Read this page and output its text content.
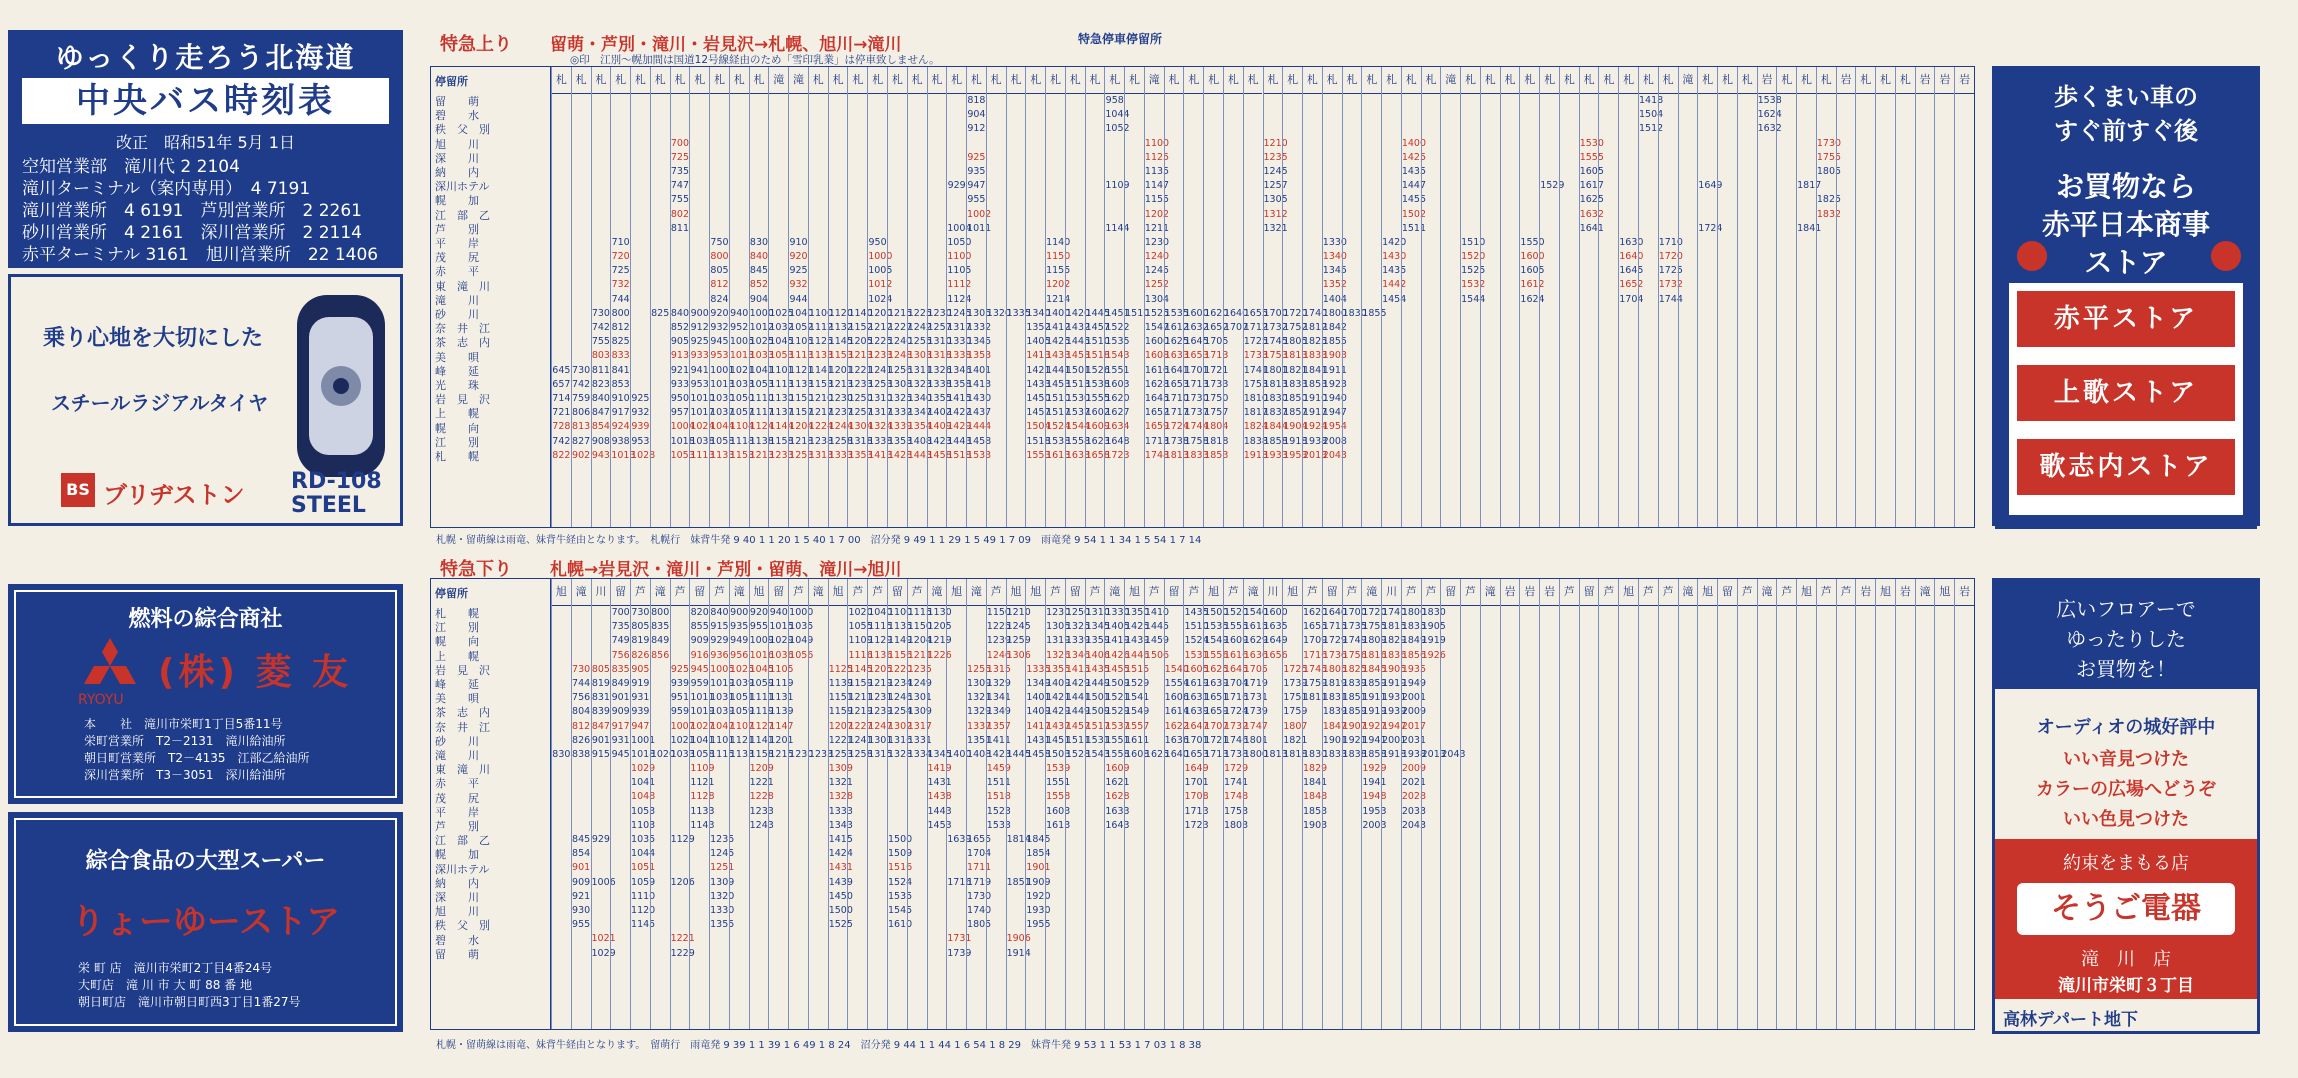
ゆっくり走ろう北海道
中央バス時刻表
改正　昭和51年 5月 1日
空知営業部　滝川代 2 2104
滝川ターミナル（案内専用）　4 7191
滝川営業所　4 6191　芦別営業所　2 2261
砂川営業所　4 2161　深川営業所　2 2114
赤平ターミナル 3161　旭川営業所　22 1406
乗り心地を大切にした
スチールラジアルタイヤ
BS ブリヂストン RD-108
STEEL
燃料の綜合商社
(株) 菱 友
RYOYU
本　　社　滝川市栄町1丁目5番11号
栄町営業所　T2－2131　滝川給油所
朝日町営業所　T2－4135　江部乙給油所
深川営業所　T3－3051　深川給油所
綜合食品の大型スーパー
りょーゆーストア
栄 町 店　滝川市栄町2丁目4番24号
大町店　滝 川 市 大 町 88 番 地
朝日町店　滝川市朝日町西3丁目1番27号
特急上り 留萌・芦別・滝川・岩見沢→札幌、旭川→滝川
◎印　江別～幌加間は国道12号線経由のため「雪印乳業」は停車致しません。
特急停車停留所
停留所
留　　萌
碧　　水
秩　父　別
旭　　川
深　　川
納　　内
深川ホテル
幌　　加
江　部　乙
芦　　別
平　　岸
茂　　尻
赤　　平
東　滝　川
滝　　川
砂　　川
奈　井　江
茶　志　内
美　　唄
峰　　延
光　　珠
岩　見　沢
上　　幌
幌　　向
江　　別
札　　幌
札
645
657
714
721
728
742
822
札
730
742
759
806
813
827
902
札
730
742
755
803
811
823
840
847
854
908
943
札
710
720
725
732
744
800
812
825
833
841
853
910
917
924
938
1013
札
925
932
939
953
1028
札
825
札
700
725
735
747
755
802
811
840
852
905
913
921
933
950
957
1004
1018
1053
札
900
912
925
933
941
953
1010
1017
1024
1038
1113
札
750
800
805
812
824
920
932
945
953
1001
1013
1030
1037
1044
1058
1133
札
940
952
1005
1013
1021
1033
1050
1057
1104
1118
1153
札
830
840
845
852
904
1000
1012
1025
1033
1041
1053
1110
1117
1124
1138
1213
滝
1025
1032
1045
1053
1101
1113
1130
1137
1144
1158
1233
滝
910
920
925
932
944
1040
1052
1105
1113
1121
1133
1150
1157
1204
1218
1253
札
1100
1112
1125
1133
1141
1153
1210
1217
1224
1238
1313
札
1120
1132
1145
1153
1201
1213
1230
1237
1244
1258
1333
札
1140
1152
1205
1213
1221
1233
1250
1257
1304
1318
1353
札
950
1000
1005
1012
1024
1200
1212
1225
1233
1241
1253
1310
1317
1324
1338
1413
札
1215
1227
1240
1248
1256
1308
1325
1332
1339
1353
1428
札
1225
1242
1255
1303
1311
1323
1340
1347
1354
1408
1443
札
1230
1257
1310
1318
1326
1338
1355
1402
1409
1423
1458
札
929
1004
1050
1100
1105
1112
1124
1245
1317
1330
1338
1346
1358
1415
1422
1429
1443
1518
札
818
904
912
925
935
947
955
1002
1011
1305
1332
1345
1353
1401
1413
1430
1437
1444
1458
1533
札
1320
札
1335
札
1340
1352
1405
1413
1421
1433
1450
1457
1504
1518
1553
札
1140
1150
1155
1202
1214
1400
1412
1425
1433
1441
1453
1510
1517
1524
1538
1613
札
1420
1432
1445
1453
1501
1513
1530
1537
1544
1558
1633
札
1445
1457
1510
1518
1526
1538
1555
1602
1609
1623
1658
札
958
1044
1052
1109
1144
1451
1522
1535
1543
1551
1603
1620
1627
1634
1648
1723
札
1510
滝
1100
1125
1135
1147
1155
1202
1211
1230
1240
1245
1252
1304
1525
1547
1600
1608
1616
1628
1645
1652
1659
1713
1748
札
1535
1612
1625
1633
1641
1653
1710
1717
1724
1738
1813
札
1600
1632
1645
1653
1701
1713
1730
1737
1744
1758
1833
札
1620
1652
1705
1713
1721
1733
1750
1757
1804
1818
1853
札
1640
1707
札
1655
1712
1725
1733
1741
1753
1810
1817
1824
1838
1913
札
1210
1235
1245
1257
1305
1312
1321
1700
1732
1745
1753
1801
1813
1830
1837
1844
1858
1933
札
1720
1752
1805
1813
1821
1833
1850
1857
1904
1918
1953
札
1740
1812
1825
1833
1841
1853
1910
1917
1924
1938
2013
札
1330
1340
1345
1352
1404
1800
1842
1855
1903
1911
1923
1940
1947
1954
2008
2043
札
1830
札
1855
札
1420
1430
1435
1442
1454
札
1400
1425
1435
1447
1455
1502
1511
札 滝 札
1510
1520
1525
1532
1544
札 札 札
1550
1600
1605
1612
1624
札
1529
札 札
1530
1555
1605
1617
1625
1632
1641
札 札
1630
1640
1645
1652
1704
札
1418
1504
1512
札
1710
1720
1725
1732
1744
滝 札
1649
1724
札 札 岩
1538
1624
1632
札 札
1817
1841
札
1730
1755
1805
1825
1832
岩 札 札 札 岩 岩 岩
札幌・留萌線は雨竜、妹背牛経由となります。　札幌行　妹背牛発 9 40 1 1 20 1 5 40 1 7 00　沼分発 9 49 1 1 29 1 5 49 1 7 09　雨竜発 9 54 1 1 34 1 5 54 1 7 14
特急下り 札幌→岩見沢・滝川・芦別・留萌、滝川→旭川
停留所
札　　幌
江　　別
幌　　向
上　　幌
岩　見　沢
峰　　延
美　　唄
茶　志　内
奈　井　江
砂　　川
滝　　川
東　滝　川
赤　　平
茂　　尻
平　　岸
芦　　別
江　部　乙
幌　　加
深川ホテル
納　　内
深　　川
旭　　川
秩　父　別
碧　　水
留　　萌
旭
830
滝
730
744
756
804
812
826
838
845
854
901
909
921
930
955
川
805
819
831
839
847
901
915
929
1006
1021
1029
留
700
735
749
756
835
849
901
909
917
931
945
芦
730
805
819
826
905
919
931
939
947
1001
1018
1029
1041
1048
1053
1103
1035
1044
1051
1059
1110
1120
1145
滝
800
835
849
856
1020
芦
925
939
951
959
1007
1021
1033
1129
1206
1221
1229
留
820
855
909
916
945
959
1011
1019
1027
1041
1058
1109
1121
1128
1133
1143
芦
840
915
929
936
1005
1019
1031
1039
1047
1101
1115
1235
1245
1251
1309
1320
1330
1355
滝
900
935
949
956
1025
1039
1051
1059
1107
1121
1133
旭
920
955
1009
1016
1045
1059
1111
1119
1127
1141
1158
1209
1221
1228
1233
1243
留
940
1015
1029
1036
1105
1119
1131
1139
1147
1201
1215
芦
1000
1035
1049
1056
1230
滝
1233
旭
1125
1139
1151
1159
1207
1221
1253
1309
1321
1328
1333
1343
1415
1424
1431
1439
1450
1500
1525
芦
1020
1055
1109
1116
1145
1159
1211
1219
1227
1241
1258
芦
1040
1115
1129
1136
1205
1219
1231
1239
1247
1301
1315
留
1100
1135
1149
1156
1220
1234
1246
1254
1302
1316
1328
1500
1509
1516
1524
1535
1545
1610
芦
1115
1150
1204
1211
1235
1249
1301
1309
1317
1331
1334
滝
1130
1205
1219
1226
1345
1419
1431
1438
1443
1453
旭
1400
1639
1716
1731
1739
滝
1255
1309
1321
1329
1337
1351
1408
1655
1704
1711
1719
1730
1740
1805
芦
1150
1225
1239
1246
1315
1329
1341
1349
1357
1411
1423
1459
1511
1518
1523
1533
旭
1210
1245
1259
1306
1445
1814
1851
1906
1914
旭
1335
1349
1401
1409
1417
1431
1458
1845
1854
1901
1909
1920
1930
1955
芦
1230
1305
1319
1326
1355
1409
1421
1429
1437
1451
1503
1539
1551
1558
1603
1613
留
1250
1325
1339
1346
1415
1429
1441
1449
1457
1511
1528
芦
1310
1345
1359
1406
1435
1449
1501
1509
1517
1531
1543
滝
1330
1405
1419
1426
1455
1509
1521
1529
1537
1551
1558
1609
1621
1628
1633
1643
旭
1350
1425
1439
1446
1515
1529
1541
1549
1557
1611
1608
芦
1410
1445
1459
1506
1625
留
1540
1554
1606
1614
1622
1636
1640
芦
1435
1510
1524
1531
1605
1619
1631
1639
1647
1701
1653
1649
1701
1708
1713
1723
旭
1500
1535
1549
1556
1625
1639
1651
1659
1707
1721
1713
芦
1520
1555
1609
1616
1645
1704
1716
1724
1732
1746
1738
1729
1741
1748
1753
1803
滝
1540
1615
1629
1636
1705
1719
1731
1739
1747
1801
1800
川
1600
1635
1649
1656
1813
旭
1725
1739
1751
1759
1807
1821
1818
芦
1620
1655
1709
1716
1745
1759
1811
1830
1829
1841
1848
1853
1903
留
1640
1715
1729
1736
1805
1819
1831
1839
1847
1901
1833
芦
1700
1735
1749
1756
1825
1839
1851
1859
1907
1921
1838
滝
1720
1755
1809
1816
1845
1859
1911
1919
1927
1941
1858
1929
1941
1948
1953
2003
川
1740
1815
1829
1836
1905
1919
1931
1939
1947
2001
1918
芦
1800
1835
1849
1856
1935
1949
2001
2009
2017
2031
1938
2009
2021
2028
2033
2043
芦
1830
1905
1919
1926
2013
留
2043
芦 滝 岩 岩 岩 芦 留 芦 旭 芦 芦 滝 旭 留 芦 滝 芦 旭 芦 芦 岩 旭 岩 滝 旭 岩
札幌・留萌線は雨竜、妹背牛経由となります。　留萌行　雨竜発 9 39 1 1 39 1 6 49 1 8 24　沼分発 9 44 1 1 44 1 6 54 1 8 29　妹背牛発 9 53 1 1 53 1 7 03 1 8 38
歩くまい車の
すぐ前すぐ後
お買物なら
赤平日本商事
ストア
赤平ストア
上歌ストア
歌志内ストア
広いフロアーで
ゆったりした
お買物を！
オーディオの城好評中
いい音見つけた
カラーの広場へどうぞ
いい色見つけた
約束をまもる店
そうご電器
滝　川　店
滝川市栄町３丁目
高林デパート地下
